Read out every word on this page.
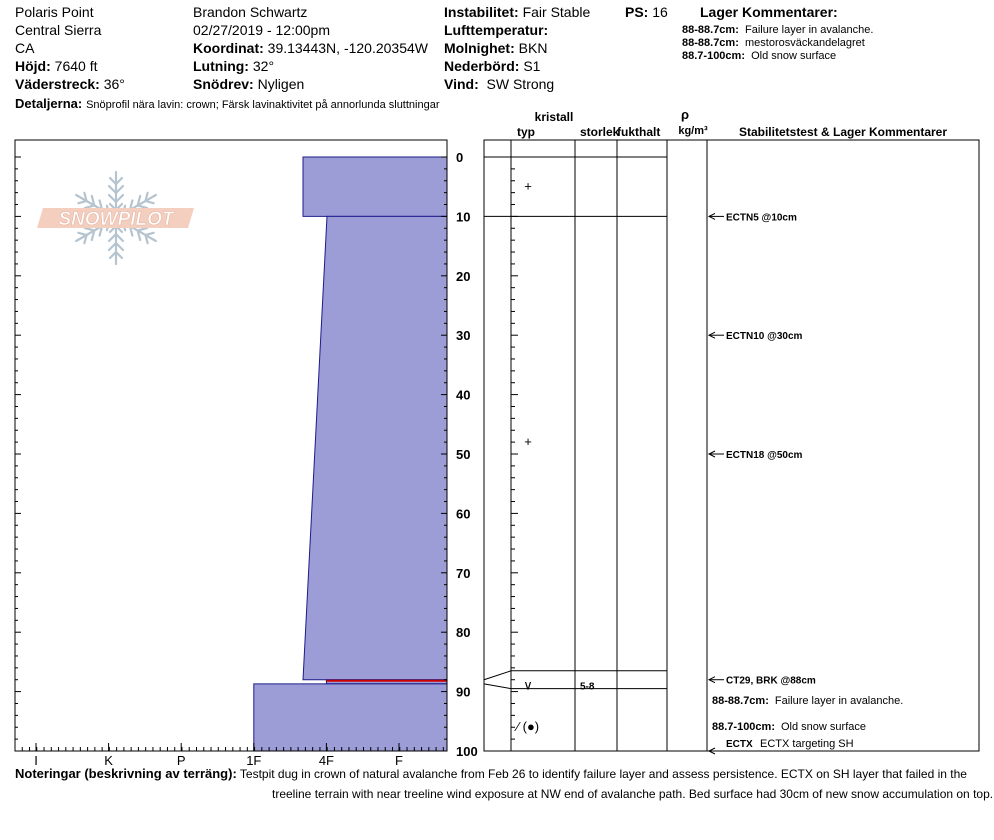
Polaris Point
Central Sierra
CA
Höjd: 7640 ft
Väderstreck: 36°
Detaljerna: Snöprofil nära lavin: crown; Färsk lavinaktivitet på annorlunda sluttningar
Brandon Schwartz
02/27/2019 - 12:00pm
Koordinat: 39.13443N, -120.20354W
Lutning: 32°
Snödrev: Nyligen
Instabilitet: Fair Stable
Lufttemperatur:
Molnighet: BKN
Nederbörd: S1
Vind: SW Strong
PS: 16 Lager Kommentarer:
88-88.7cm: Failure layer in avalanche.
88-88.7cm: mestorosväckandelagret
88.7-100cm: Old snow surface
SNOWPILOT
I	K	P	1F	4F	F
0
10
20
30
40
50
60
70
80
90
100
+
+
∨	5-8
⁄ (●)
ECTN5 @10cm
ECTN10 @30cm
ECTN18 @50cm
CT29, BRK @88cm
ECTX ECTX targeting SH
kristall
typ	storlek
fukthalt
ρ
kg/m³	Stabilitetstest & Lager Kommentarer
88-88.7cm: Failure layer in avalanche.
88.7-100cm: Old snow surface
Noteringar (beskrivning av terräng): Testpit dug in crown of natural avalanche from Feb 26 to identify failure layer and assess persistence. ECTX on SH layer that failed in the
treeline terrain with near treeline wind exposure at NW end of avalanche path. Bed surface had 30cm of new snow accumulation on top.
